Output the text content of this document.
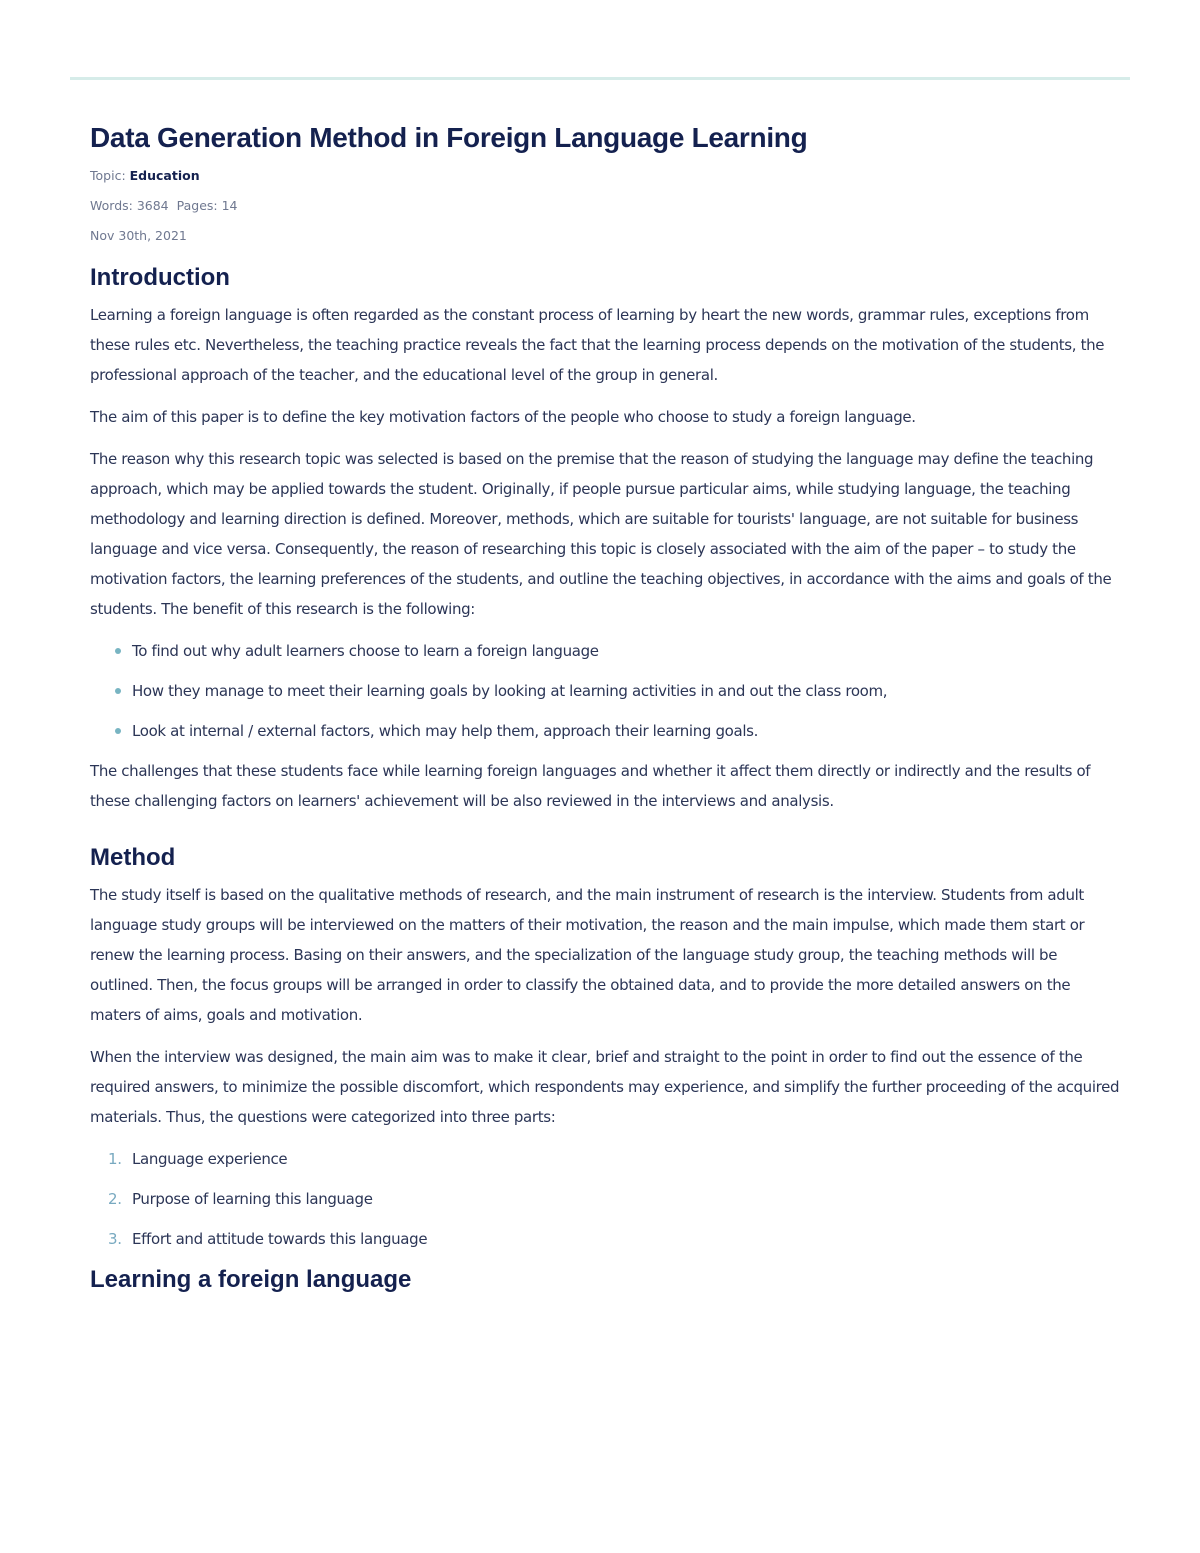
Data Generation Method in Foreign Language Learning
Topic: Education
Words: 3684 Pages: 14
Nov 30th, 2021
Introduction

Learning a foreign language is often regarded as the constant process of learning by heart the new words, grammar rules, exceptions from these rules etc. Nevertheless, the teaching practice reveals the fact that the learning process depends on the motivation of the students, the professional approach of the teacher, and the educational level of the group in general.

The aim of this paper is to define the key motivation factors of the people who choose to study a foreign language.

The reason why this research topic was selected is based on the premise that the reason of studying the language may define the teaching approach, which may be applied towards the student. Originally, if people pursue particular aims, while studying language, the teaching methodology and learning direction is defined. Moreover, methods, which are suitable for tourists' language, are not suitable for business language and vice versa. Consequently, the reason of researching this topic is closely associated with the aim of the paper – to study the motivation factors, the learning preferences of the students, and outline the teaching objectives, in accordance with the aims and goals of the students. The benefit of this research is the following:

To find out why adult learners choose to learn a foreign language
How they manage to meet their learning goals by looking at learning activities in and out the class room,
Look at internal / external factors, which may help them, approach their learning goals.

The challenges that these students face while learning foreign languages and whether it affect them directly or indirectly and the results of these challenging factors on learners' achievement will be also reviewed in the interviews and analysis.

Method

The study itself is based on the qualitative methods of research, and the main instrument of research is the interview. Students from adult language study groups will be interviewed on the matters of their motivation, the reason and the main impulse, which made them start or renew the learning process. Basing on their answers, and the specialization of the language study group, the teaching methods will be outlined. Then, the focus groups will be arranged in order to classify the obtained data, and to provide the more detailed answers on the maters of aims, goals and motivation.

When the interview was designed, the main aim was to make it clear, brief and straight to the point in order to find out the essence of the required answers, to minimize the possible discomfort, which respondents may experience, and simplify the further proceeding of the acquired materials. Thus, the questions were categorized into three parts:

1. Language experience
2. Purpose of learning this language
3. Effort and attitude towards this language
Learning a foreign language
